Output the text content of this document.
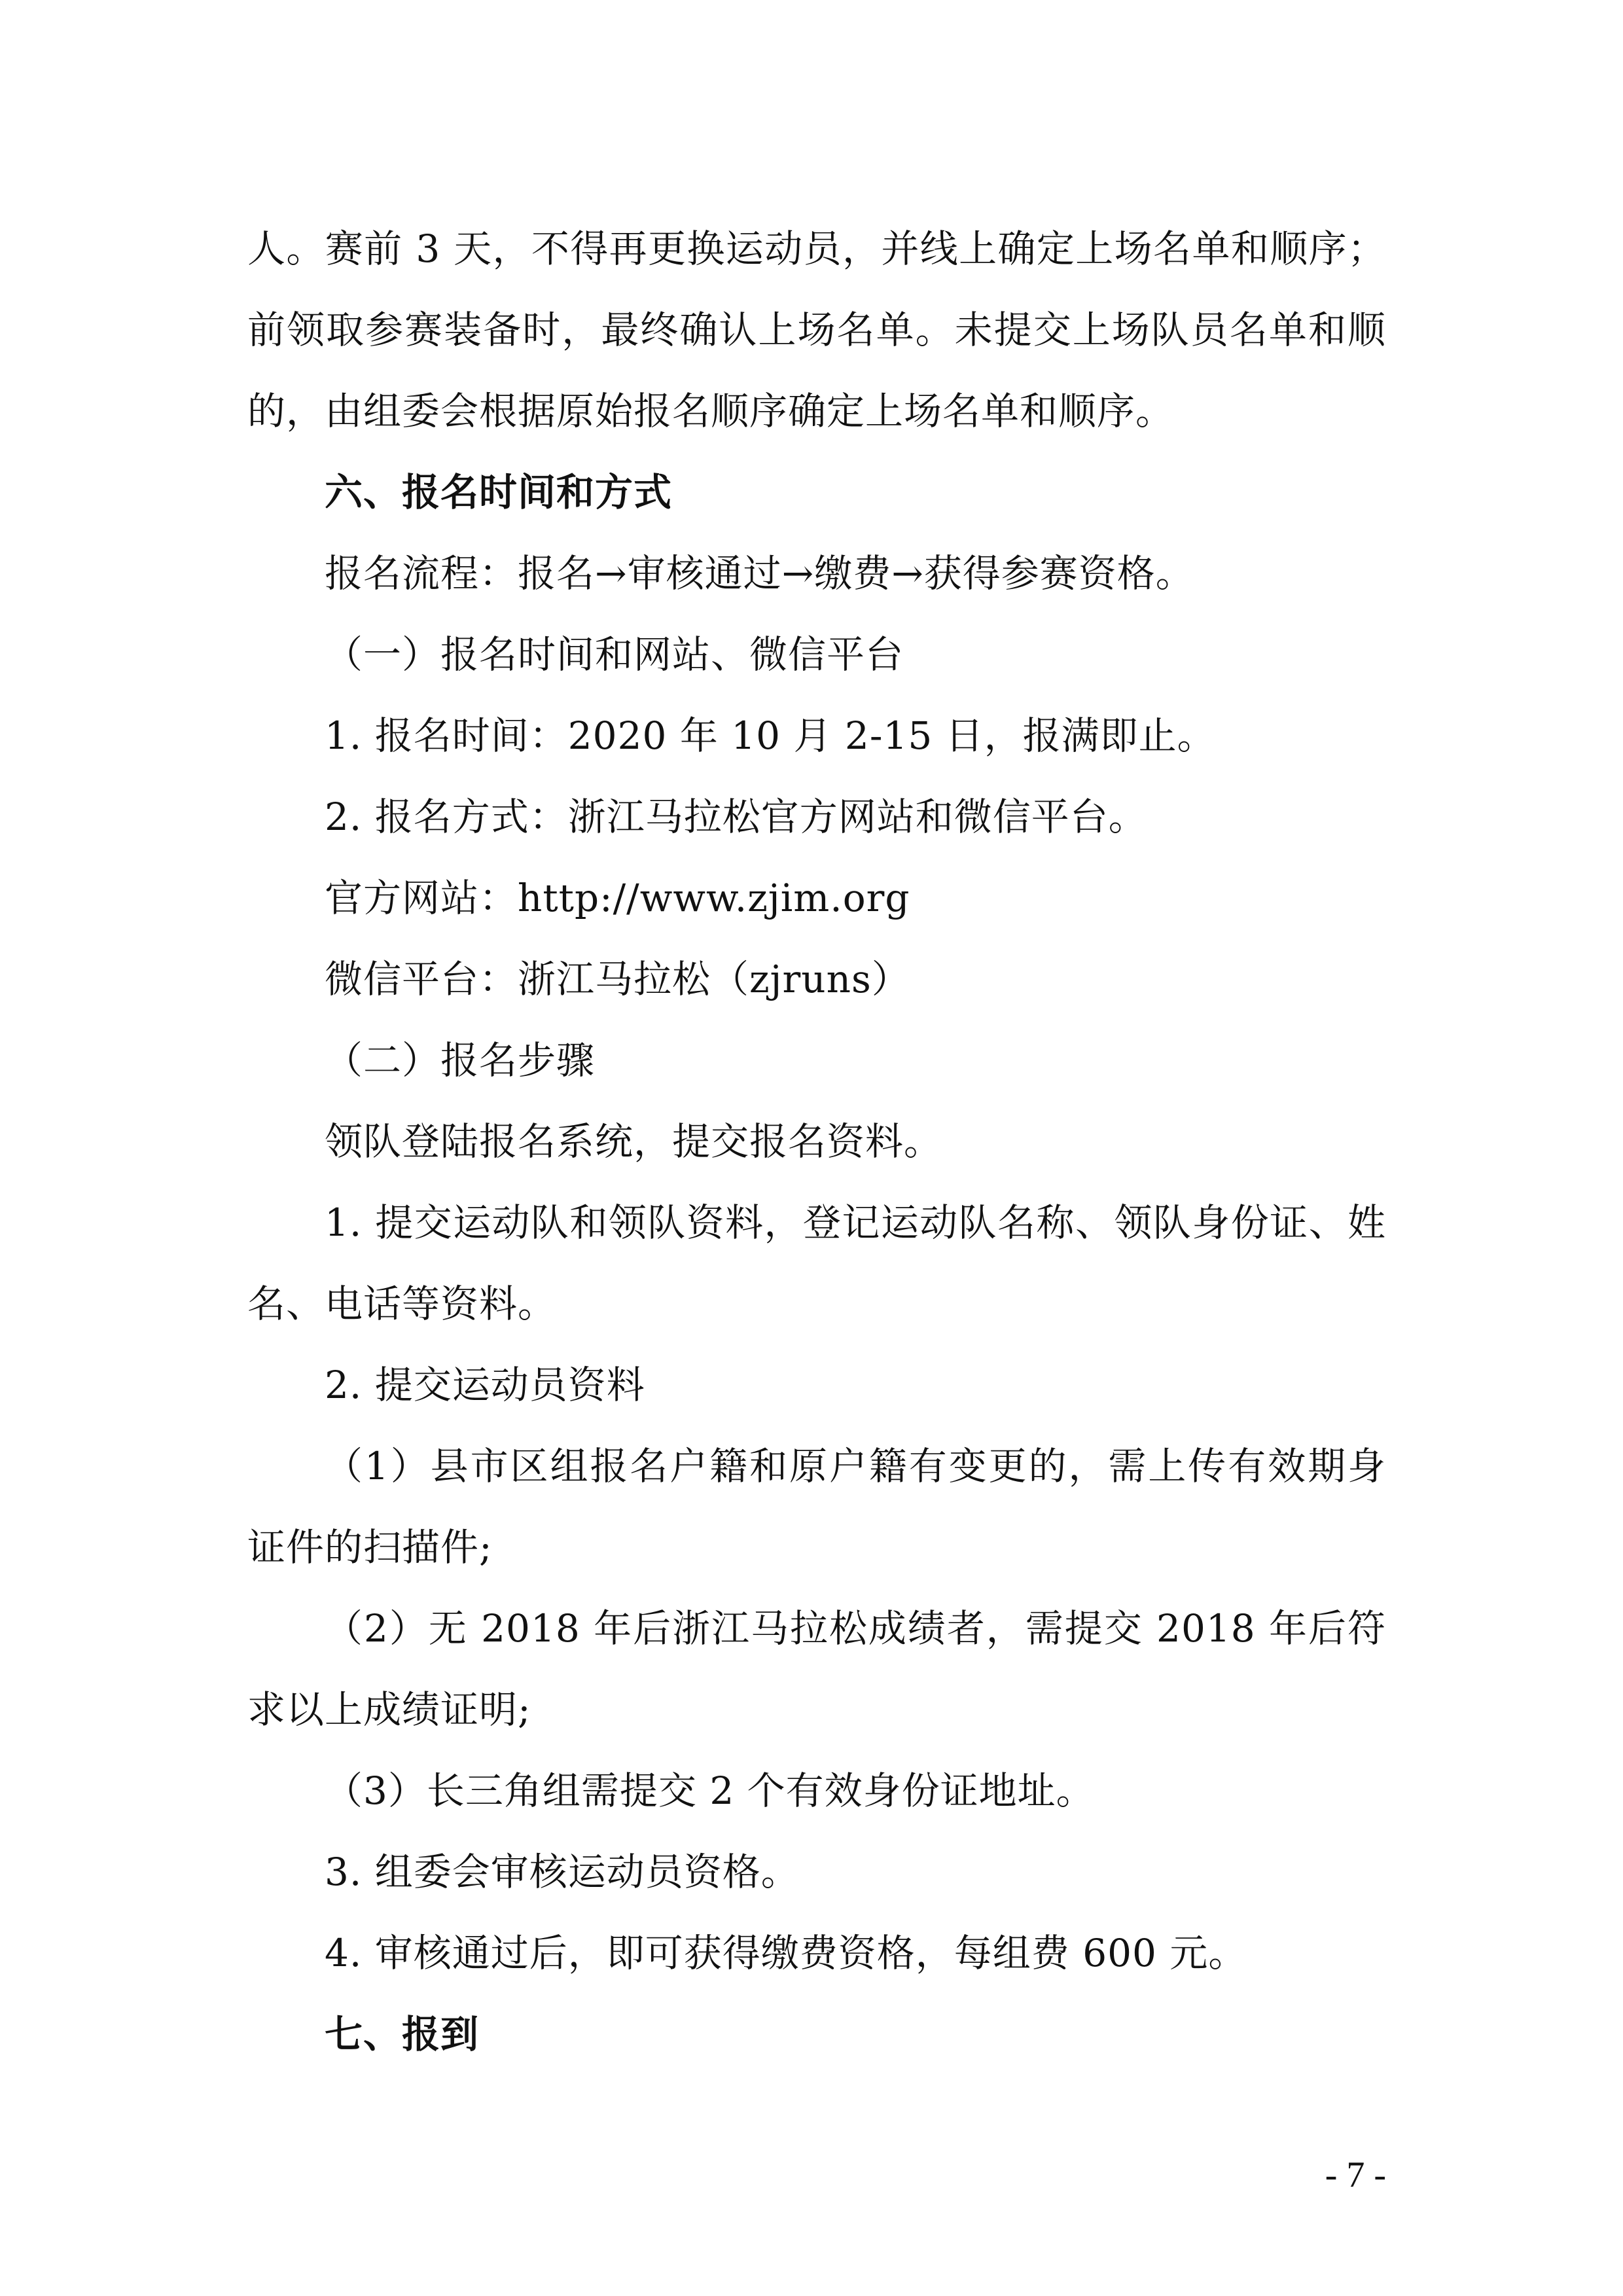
人。赛前 3 天，不得再更换运动员，并线上确定上场名单和顺序；
前领取参赛装备时，最终确认上场名单。未提交上场队员名单和顺
的，由组委会根据原始报名顺序确定上场名单和顺序。
六、报名时间和方式
报名流程：报名→审核通过→缴费→获得参赛资格。
（一）报名时间和网站、微信平台
1. 报名时间：2020 年 10 月 2-15 日，报满即止。
2. 报名方式：浙江马拉松官方网站和微信平台。
官方网站：http://www.zjim.org
微信平台：浙江马拉松（zjruns）
（二）报名步骤
领队登陆报名系统，提交报名资料。
1. 提交运动队和领队资料，登记运动队名称、领队身份证、姓
名、电话等资料。
2. 提交运动员资料
（1）县市区组报名户籍和原户籍有变更的，需上传有效期身
证件的扫描件;
（2）无 2018 年后浙江马拉松成绩者，需提交 2018 年后符
求以上成绩证明;
（3）长三角组需提交 2 个有效身份证地址。
3. 组委会审核运动员资格。
4. 审核通过后，即可获得缴费资格，每组费 600 元。
七、报到
- 7 -
